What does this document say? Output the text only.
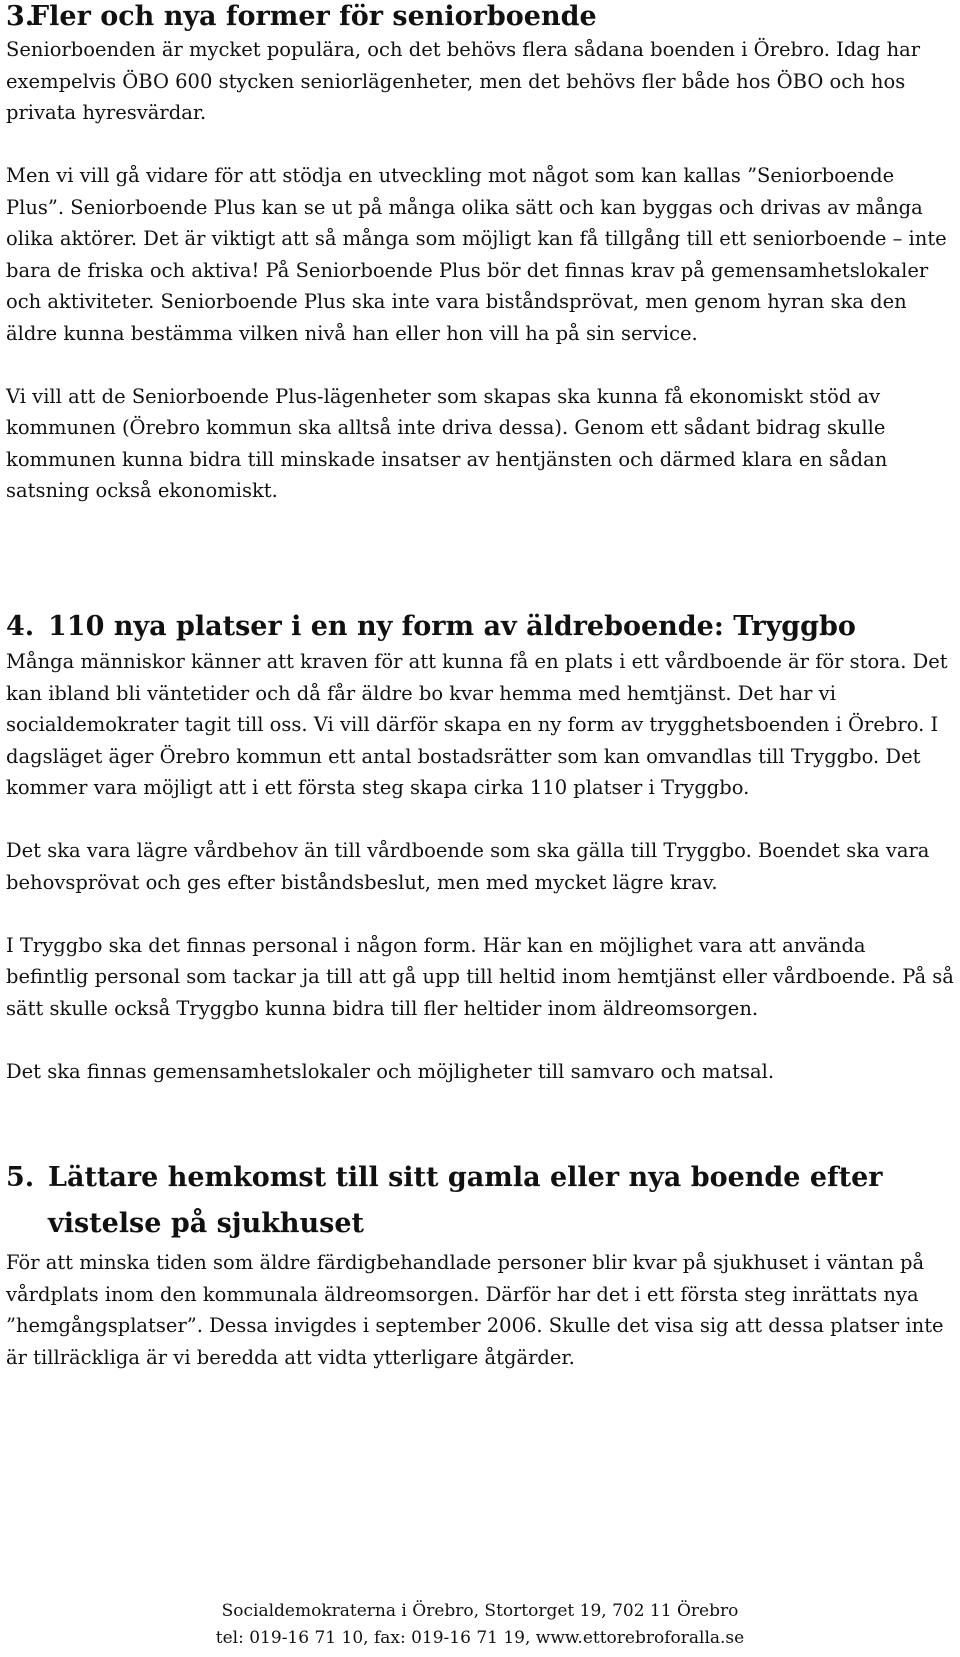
3.
Fler och nya former för seniorboende

Seniorboenden är mycket populära, och det behövs flera sådana boenden i Örebro. Idag har exempelvis ÖBO 600 stycken seniorlägenheter, men det behövs fler både hos ÖBO och hos privata hyresvärdar.

Men vi vill gå vidare för att stödja en utveckling mot något som kan kallas ”Seniorboende Plus”. Seniorboende Plus kan se ut på många olika sätt och kan byggas och drivas av många olika aktörer. Det är viktigt att så många som möjligt kan få tillgång till ett seniorboende – inte bara de friska och aktiva! På Seniorboende Plus bör det finnas krav på gemensamhetslokaler och aktiviteter. Seniorboende Plus ska inte vara biståndsprövat, men genom hyran ska den äldre kunna bestämma vilken nivå han eller hon vill ha på sin service.

Vi vill att de Seniorboende Plus-lägenheter som skapas ska kunna få ekonomiskt stöd av kommunen (Örebro kommun ska alltså inte driva dessa). Genom ett sådant bidrag skulle kommunen kunna bidra till minskade insatser av hentjänsten och därmed klara en sådan satsning också ekonomiskt.

4. 110 nya platser i en ny form av äldreboende: Tryggbo

Många människor känner att kraven för att kunna få en plats i ett vårdboende är för stora. Det kan ibland bli väntetider och då får äldre bo kvar hemma med hemtjänst. Det har vi socialdemokrater tagit till oss. Vi vill därför skapa en ny form av trygghetsboenden i Örebro. I dagsläget äger Örebro kommun ett antal bostadsrätter som kan omvandlas till Tryggbo. Det kommer vara möjligt att i ett första steg skapa cirka 110 platser i Tryggbo.

Det ska vara lägre vårdbehov än till vårdboende som ska gälla till Tryggbo. Boendet ska vara behovsprövat och ges efter biståndsbeslut, men med mycket lägre krav.

I Tryggbo ska det finnas personal i någon form. Här kan en möjlighet vara att använda befintlig personal som tackar ja till att gå upp till heltid inom hemtjänst eller vårdboende. På så sätt skulle också Tryggbo kunna bidra till fler heltider inom äldreomsorgen.

Det ska finnas gemensamhetslokaler och möjligheter till samvaro och matsal.

5. Lättare hemkomst till sitt gamla eller nya boende efter vistelse på sjukhuset

För att minska tiden som äldre färdigbehandlade personer blir kvar på sjukhuset i väntan på vårdplats inom den kommunala äldreomsorgen. Därför har det i ett första steg inrättats nya ”hemgångsplatser”. Dessa invigdes i september 2006. Skulle det visa sig att dessa platser inte är tillräckliga är vi beredda att vidta ytterligare åtgärder.

Socialdemokraterna i Örebro, Stortorget 19, 702 11 Örebro
tel: 019-16 71 10, fax: 019-16 71 19, www.ettorebroforalla.se
